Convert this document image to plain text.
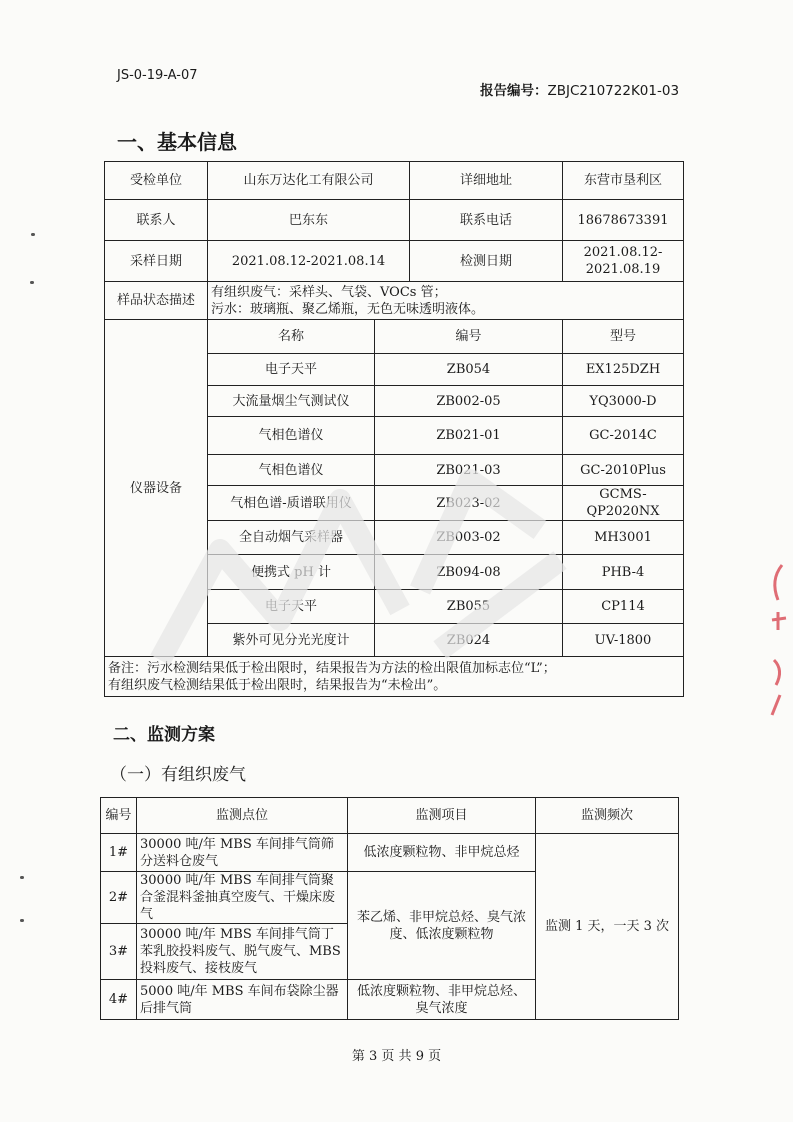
JS-0-19-A-07
报告编号：ZBJC210722K01-03
一、基本信息
受检单位	山东万达化工有限公司		详细地址	东营市垦利区
联系人	巴东东		联系电话	18678673391
采样日期	2021.08.12-2021.08.14		检测日期	2021.08.12-2021.08.19
样品状态描述	有组织废气：采样头、气袋、VOCs 管；
污水：玻璃瓶、聚乙烯瓶，无色无味透明液体。			

仪器设备	名称	编号		型号
	电子天平	ZB054		EX125DZH
	大流量烟尘气测试仪	ZB002-05		YQ3000-D
	气相色谱仪	ZB021-01		GC-2014C
	气相色谱仪	ZB021-03		GC-2010Plus
	气相色谱-质谱联用仪	ZB023-02		GCMS-QP2020NX
	全自动烟气采样器	ZB003-02		MH3001
	便携式 pH 计	ZB094-08		PHB-4
	电子天平	ZB055		CP114
	紫外可见分光光度计	ZB024		UV-1800

备注：污水检测结果低于检出限时，结果报告为方法的检出限值加标志位“L”；
有组织废气检测结果低于检出限时，结果报告为“未检出”。				
二、监测方案
（一）有组织废气
编号	监测点位	监测项目	监测频次
1#	30000 吨/年 MBS 车间排气筒筛分送料仓废气	低浓度颗粒物、非甲烷总烃	监测 1 天，一天 3 次
2#	30000 吨/年 MBS 车间排气筒聚合釜混料釜抽真空废气、干燥床废气	苯乙烯、非甲烷总烃、臭气浓度、低浓度颗粒物	
3#	30000 吨/年 MBS 车间排气筒丁苯乳胶投料废气、脱气废气、MBS 投料废气、接枝废气		
4#	5000 吨/年 MBS 车间布袋除尘器后排气筒	低浓度颗粒物、非甲烷总烃、臭气浓度	
第 3 页 共 9 页
